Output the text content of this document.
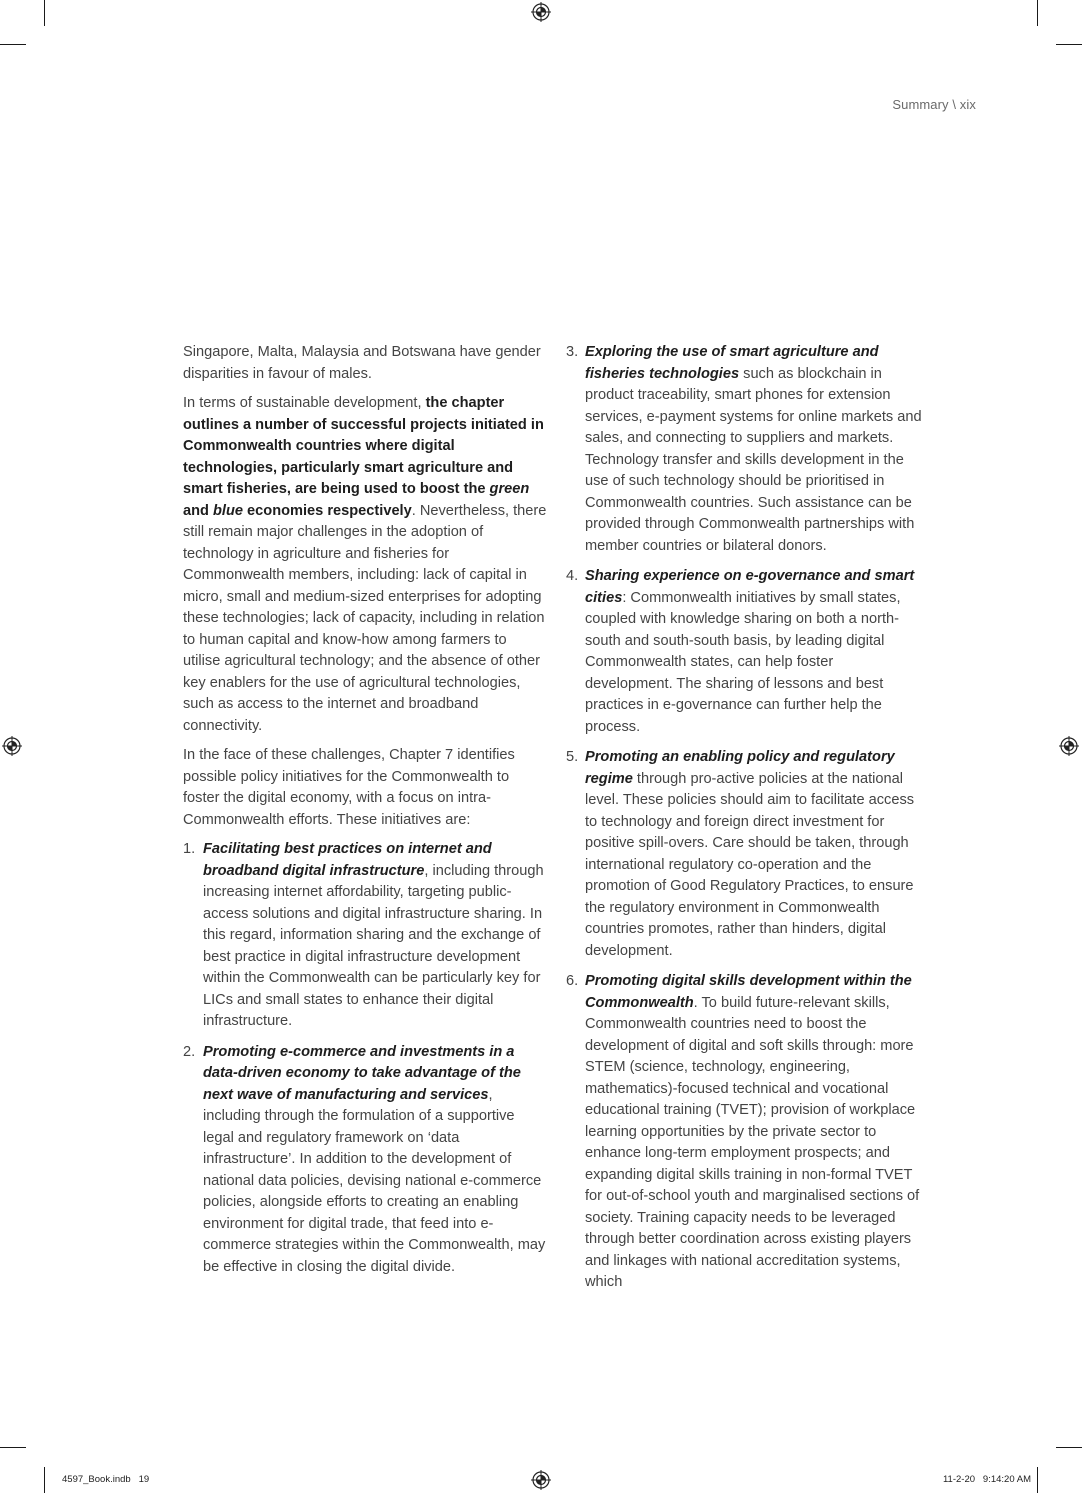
Summary \ xix

Singapore, Malta, Malaysia and Botswana have gender disparities in favour of males.

In terms of sustainable development, the chapter outlines a number of successful projects initiated in Commonwealth countries where digital technologies, particularly smart agriculture and smart fisheries, are being used to boost the green and blue economies respectively. Nevertheless, there still remain major challenges in the adoption of technology in agriculture and fisheries for Commonwealth members, including: lack of capital in micro, small and medium-sized enterprises for adopting these technologies; lack of capacity, including in relation to human capital and know-how among farmers to utilise agricultural technology; and the absence of other key enablers for the use of agricultural technologies, such as access to the internet and broadband connectivity.

In the face of these challenges, Chapter 7 identifies possible policy initiatives for the Commonwealth to foster the digital economy, with a focus on intra-Commonwealth efforts. These initiatives are:

1. Facilitating best practices on internet and broadband digital infrastructure, including through increasing internet affordability, targeting public-access solutions and digital infrastructure sharing. In this regard, information sharing and the exchange of best practice in digital infrastructure development within the Commonwealth can be particularly key for LICs and small states to enhance their digital infrastructure.
2. Promoting e-commerce and investments in a data-driven economy to take advantage of the next wave of manufacturing and services, including through the formulation of a supportive legal and regulatory framework on ‘data infrastructure’. In addition to the development of national data policies, devising national e-commerce policies, alongside efforts to creating an enabling environment for digital trade, that feed into e-commerce strategies within the Commonwealth, may be effective in closing the digital divide.
3. Exploring the use of smart agriculture and fisheries technologies such as blockchain in product traceability, smart phones for extension services, e-payment systems for online markets and sales, and connecting to suppliers and markets. Technology transfer and skills development in the use of such technology should be prioritised in Commonwealth countries. Such assistance can be provided through Commonwealth partnerships with member countries or bilateral donors.
4. Sharing experience on e-governance and smart cities: Commonwealth initiatives by small states, coupled with knowledge sharing on both a north-south and south-south basis, by leading digital Commonwealth states, can help foster development. The sharing of lessons and best practices in e-governance can further help the process.
5. Promoting an enabling policy and regulatory regime through pro-active policies at the national level. These policies should aim to facilitate access to technology and foreign direct investment for positive spill-overs. Care should be taken, through international regulatory co-operation and the promotion of Good Regulatory Practices, to ensure the regulatory environment in Commonwealth countries promotes, rather than hinders, digital development.
6. Promoting digital skills development within the Commonwealth. To build future-relevant skills, Commonwealth countries need to boost the development of digital and soft skills through: more STEM (science, technology, engineering, mathematics)-focused technical and vocational educational training (TVET); provision of workplace learning opportunities by the private sector to enhance long-term employment prospects; and expanding digital skills training in non-formal TVET for out-of-school youth and marginalised sections of society. Training capacity needs to be leveraged through better coordination across existing players and linkages with national accreditation systems, which
4597_Book.indb   19	11-2-20   9:14:20 AM
